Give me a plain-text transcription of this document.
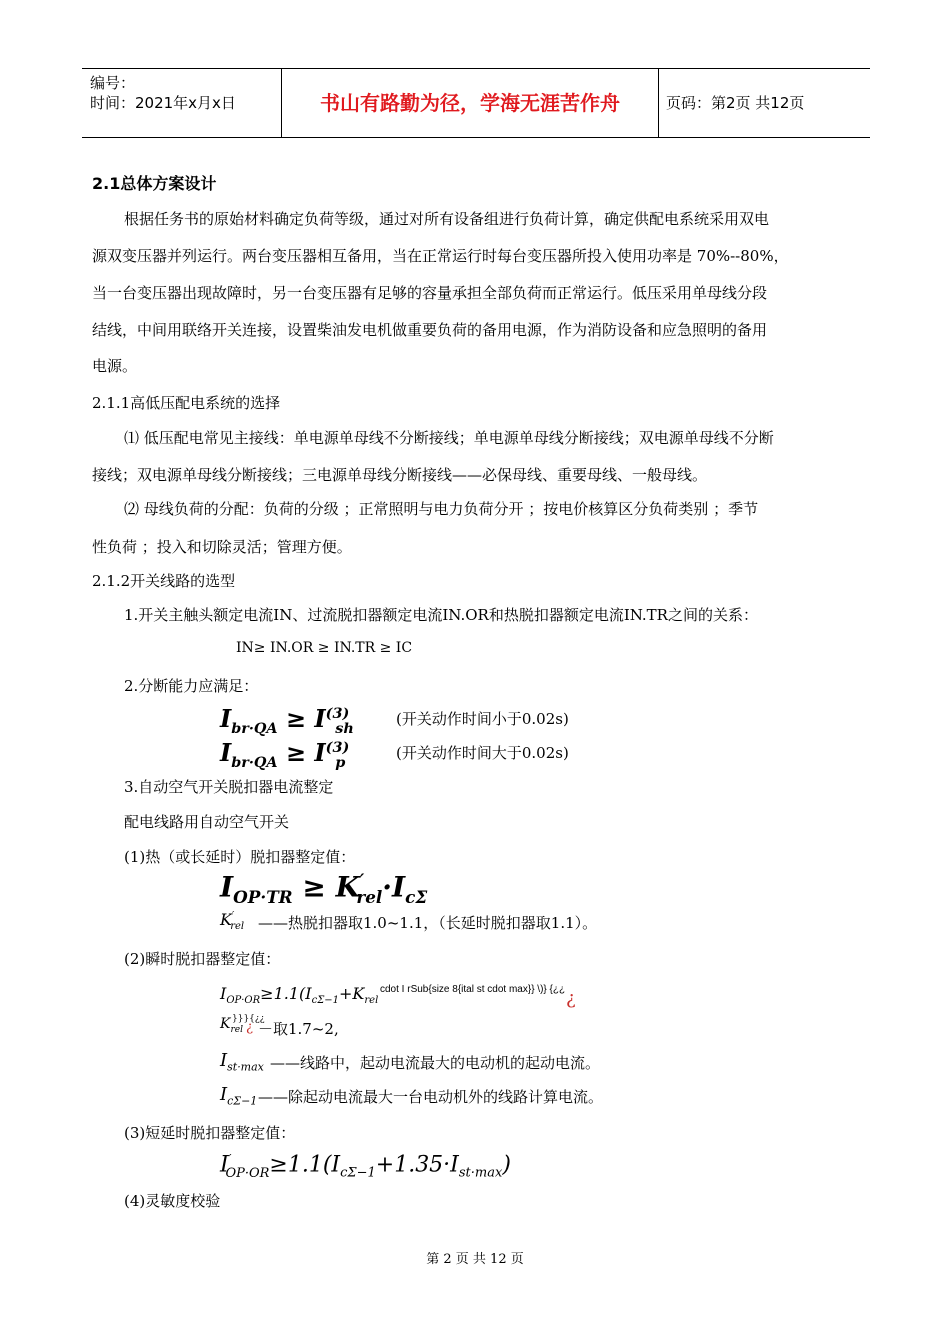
编号：
时间：2021年x月x日	书山有路勤为径，学海无涯苦作舟	页码：第2页 共12页
2.1总体方案设计
根据任务书的原始材料确定负荷等级，通过对所有设备组进行负荷计算，确定供配电系统采用双电
源双变压器并列运行。两台变压器相互备用，当在正常运行时每台变压器所投入使用功率是 70%--80%，
当一台变压器出现故障时，另一台变压器有足够的容量承担全部负荷而正常运行。低压采用单母线分段
结线，中间用联络开关连接，设置柴油发电机做重要负荷的备用电源，作为消防设备和应急照明的备用
电源。
2.1.1高低压配电系统的选择
⑴ 低压配电常见主接线：单电源单母线不分断接线；单电源单母线分断接线；双电源单母线不分断
接线；双电源单母线分断接线；三电源单母线分断接线——必保母线、重要母线、一般母线。
⑵ 母线负荷的分配：负荷的分级 ；正常照明与电力负荷分开 ；按电价核算区分负荷类别 ；季节
性负荷 ；投入和切除灵活；管理方便。
2.1.2开关线路的选型
1.开关主触头额定电流IN、过流脱扣器额定电流IN.OR和热脱扣器额定电流IN.TR之间的关系：
IN≥ IN.OR ≥ IN.TR ≥ IC
2.分断能力应满足：
$I_{br\cdot QA} \ge I^{(3)}_{sh}$
(开关动作时间小于0.02s)
$I_{br\cdot QA} \ge I^{(3)}_p$
(开关动作时间大于0.02s)
3.自动空气开关脱扣器电流整定
配电线路用自动空气开关
(1)热（或长延时）脱扣器整定值：
$I_{OP\cdot TR} \ge K'_{rel}\cdot I_{c\Sigma}$
$K'_{rel}$ ——热脱扣器取1.0~1.1，（长延时脱扣器取1.1）。
(2)瞬时脱扣器整定值：
$I_{OP\cdot OR}\ge 1.1(I_{c\Sigma-1}+K_{rel}$
cdot I rSub{size 8{ital st cdot max}} \)} {¿¿ ¿
$K_{rel}$
}}}{¿¿
¿ －取1.7~2,
$I_{st\cdot max}$ ——线路中，起动电流最大的电动机的起动电流。
$I_{c\Sigma-1}$ ——除起动电流最大一台电动机外的线路计算电流。
(3)短延时脱扣器整定值：
$I'_{OP\cdot OR}\ge 1.1(I_{c\Sigma-1}+1.35\cdot I_{st\cdot max})$
(4)灵敏度校验
第 2 页 共 12 页
